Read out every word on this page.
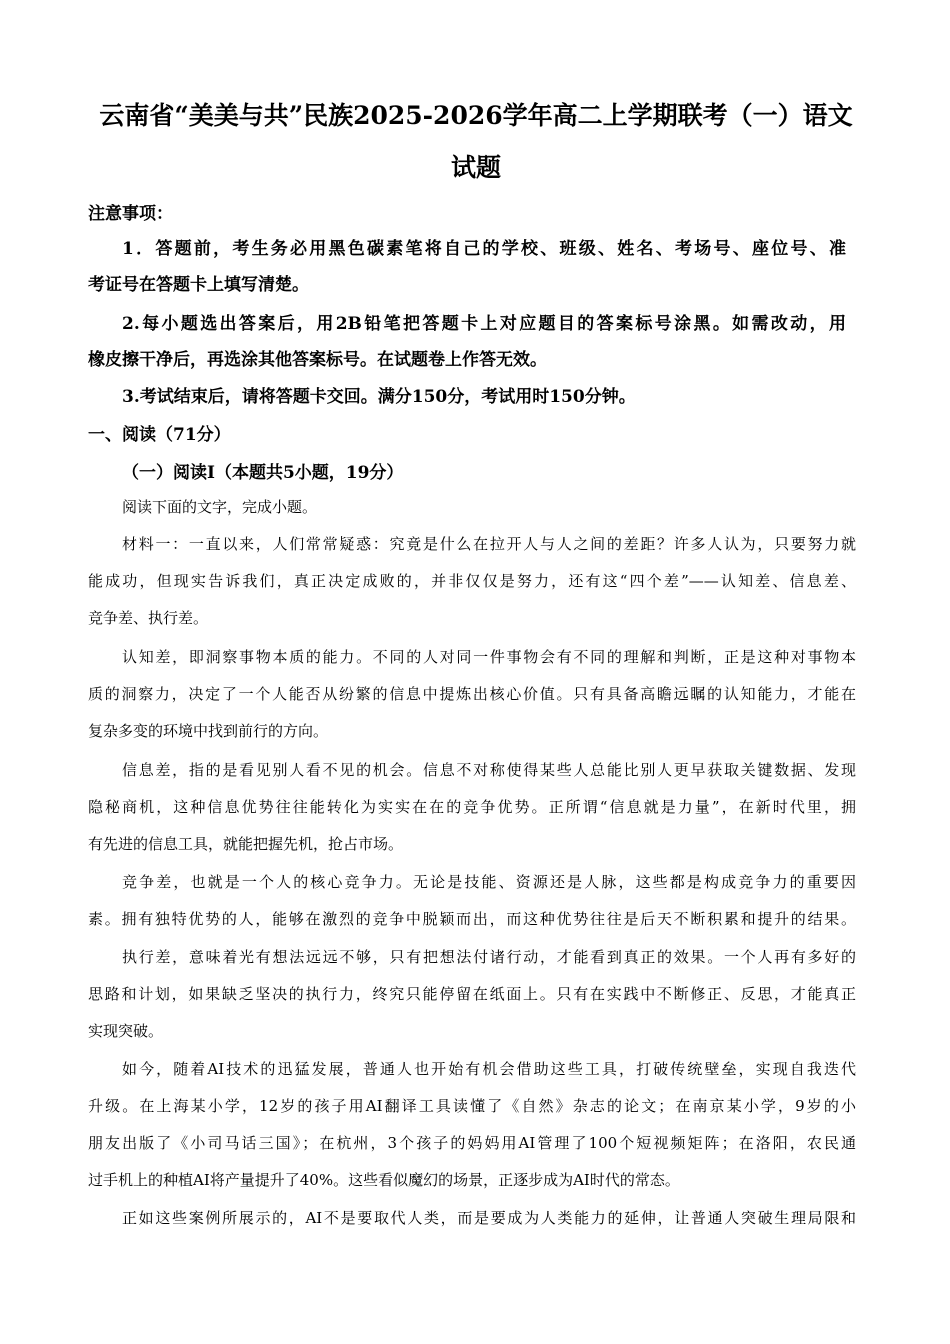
云南省“美美与共”民族2025-2026学年高二上学期联考（一）语文
试题
注意事项：
1．答题前，考生务必用黑色碳素笔将自己的学校、班级、姓名、考场号、座位号、准
考证号在答题卡上填写清楚。
2.每小题选出答案后，用2B铅笔把答题卡上对应题目的答案标号涂黑。如需改动，用
橡皮擦干净后，再选涂其他答案标号。在试题卷上作答无效。
3.考试结束后，请将答题卡交回。满分150分，考试用时150分钟。
一、阅读（71分）
（一）阅读Ⅰ（本题共5小题，19分）
阅读下面的文字，完成小题。
材料一：一直以来，人们常常疑惑：究竟是什么在拉开人与人之间的差距？许多人认为，只要努力就
能成功，但现实告诉我们，真正决定成败的，并非仅仅是努力，还有这“四个差”——认知差、信息差、
竞争差、执行差。
认知差，即洞察事物本质的能力。不同的人对同一件事物会有不同的理解和判断，正是这种对事物本
质的洞察力，决定了一个人能否从纷繁的信息中提炼出核心价值。只有具备高瞻远瞩的认知能力，才能在
复杂多变的环境中找到前行的方向。
信息差，指的是看见别人看不见的机会。信息不对称使得某些人总能比别人更早获取关键数据、发现
隐秘商机，这种信息优势往往能转化为实实在在的竞争优势。正所谓“信息就是力量”，在新时代里，拥
有先进的信息工具，就能把握先机，抢占市场。
竞争差，也就是一个人的核心竞争力。无论是技能、资源还是人脉，这些都是构成竞争力的重要因
素。拥有独特优势的人，能够在激烈的竞争中脱颖而出，而这种优势往往是后天不断积累和提升的结果。
执行差，意味着光有想法远远不够，只有把想法付诸行动，才能看到真正的效果。一个人再有多好的
思路和计划，如果缺乏坚决的执行力，终究只能停留在纸面上。只有在实践中不断修正、反思，才能真正
实现突破。
如今，随着AI技术的迅猛发展，普通人也开始有机会借助这些工具，打破传统壁垒，实现自我迭代
升级。在上海某小学，12岁的孩子用AI翻译工具读懂了《自然》杂志的论文；在南京某小学，9岁的小
朋友出版了《小司马话三国》；在杭州，3个孩子的妈妈用AI管理了100个短视频矩阵；在洛阳，农民通
过手机上的种植AI将产量提升了40%。这些看似魔幻的场景，正逐步成为AI时代的常态。
正如这些案例所展示的，AI不是要取代人类，而是要成为人类能力的延伸，让普通人突破生理局限和
